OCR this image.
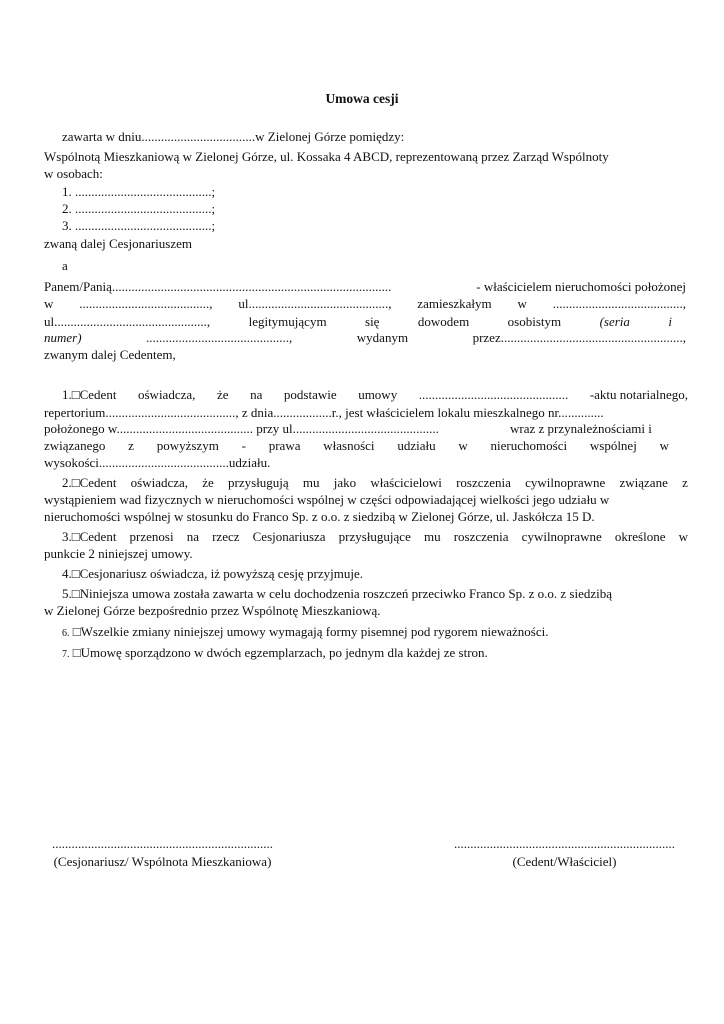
Umowa cesji
zawarta w dniu...................................w Zielonej Górze pomiędzy:
Wspólnotą Mieszkaniową w Zielonej Górze, ul. Kossaka 4 ABCD, reprezentowaną przez Zarząd Wspólnoty
w osobach:
1. ..........................................;
2. ..........................................;
3. ..........................................;
zwaną dalej Cesjonariuszem
a
Panem/Panią......................................................................................	- właścicielem nieruchomości położonej
w ........................................, ul..........................................., zamieszkałym w ........................................,
ul...............................................,	legitymującym	się	dowodem	osobistym	(seria	i
numer)	............................................,	wydanym	przez........................................................,
zwanym dalej Cedentem,
1.□Cedent oświadcza, że na podstawie umowy .............................................. -aktu notarialnego,
repertorium........................................, z dnia..................r., jest właścicielem lokalu mieszkalnego nr..............
położonego w.......................................... przy ul.............................................	wraz z przynależnościami i
związanego z powyższym - prawa własności udziału w nieruchomości wspólnej w
wysokości........................................udziału.
2.□Cedent oświadcza, że przysługują mu jako właścicielowi roszczenia cywilnoprawne związane z
wystąpieniem wad fizycznych w nieruchomości wspólnej w części odpowiadającej wielkości jego udziału w
nieruchomości wspólnej w stosunku do Franco Sp. z o.o. z siedzibą w Zielonej Górze, ul. Jaskółcza 15 D.
3.□Cedent przenosi na rzecz Cesjonariusza przysługujące mu roszczenia cywilnoprawne określone w
punkcie 2 niniejszej umowy.
4.□Cesjonariusz oświadcza, iż powyższą cesję przyjmuje.
5.□Niniejsza umowa została zawarta w celu dochodzenia roszczeń przeciwko Franco Sp. z o.o. z siedzibą
w Zielonej Górze bezpośrednio przez Wspólnotę Mieszkaniową.
6. □Wszelkie zmiany niniejszej umowy wymagają formy pisemnej pod rygorem nieważności.
7. □Umowę sporządzono w dwóch egzemplarzach, po jednym dla każdej ze stron.
....................................................................
(Cesjonariusz/ Wspólnota Mieszkaniowa)
....................................................................
(Cedent/Właściciel)
